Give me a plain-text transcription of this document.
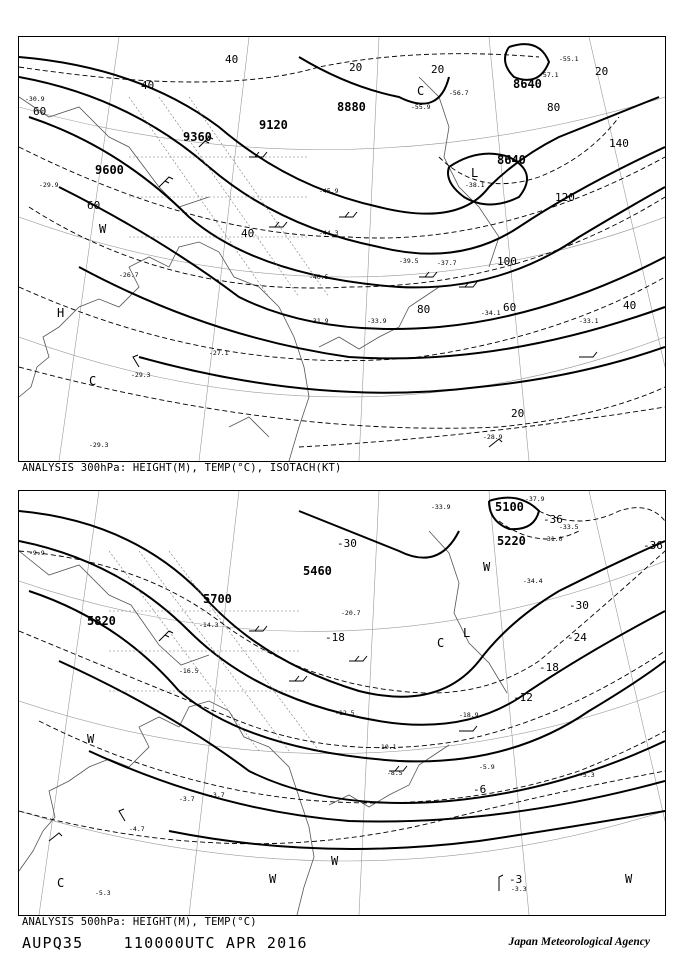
9600
9360
9120
8880
8640
8640
20	20	20
40
40
40
60
60
60
80
80
100
120
140
40
20
-30.9
-29.9
-26.7
-27.1
-33.9
-34.1
-33.1
-28.9
-29.3
-40.5
-44.3
-45.9
-37.7
-38.1
-39.5
-55.9
-57.1
-56.7
-55.1
-29.3
-31.9
H
C
L
C
W
ANALYSIS 300hPa: HEIGHT(M), TEMP(°C), ISOTACH(KT)
5820
5700
5460
5220
5100
-30
-36
-36
-24
-18
-12
-30
-18
-6
-3
-9.9
-14.3
-16.5
-20.7
-18.9
-12.5
-10.1
-8.5
-5.9
-5.3
-3.3
-3.7
-33.9
-31.0
-34.4
-33.5
-37.9
-4.7
-5.3
-3.7
C
L
C
W
W
W	W
W
ANALYSIS 500hPa: HEIGHT(M), TEMP(°C)
AUPQ35	110000UTC APR 2016	Japan Meteorological Agency
